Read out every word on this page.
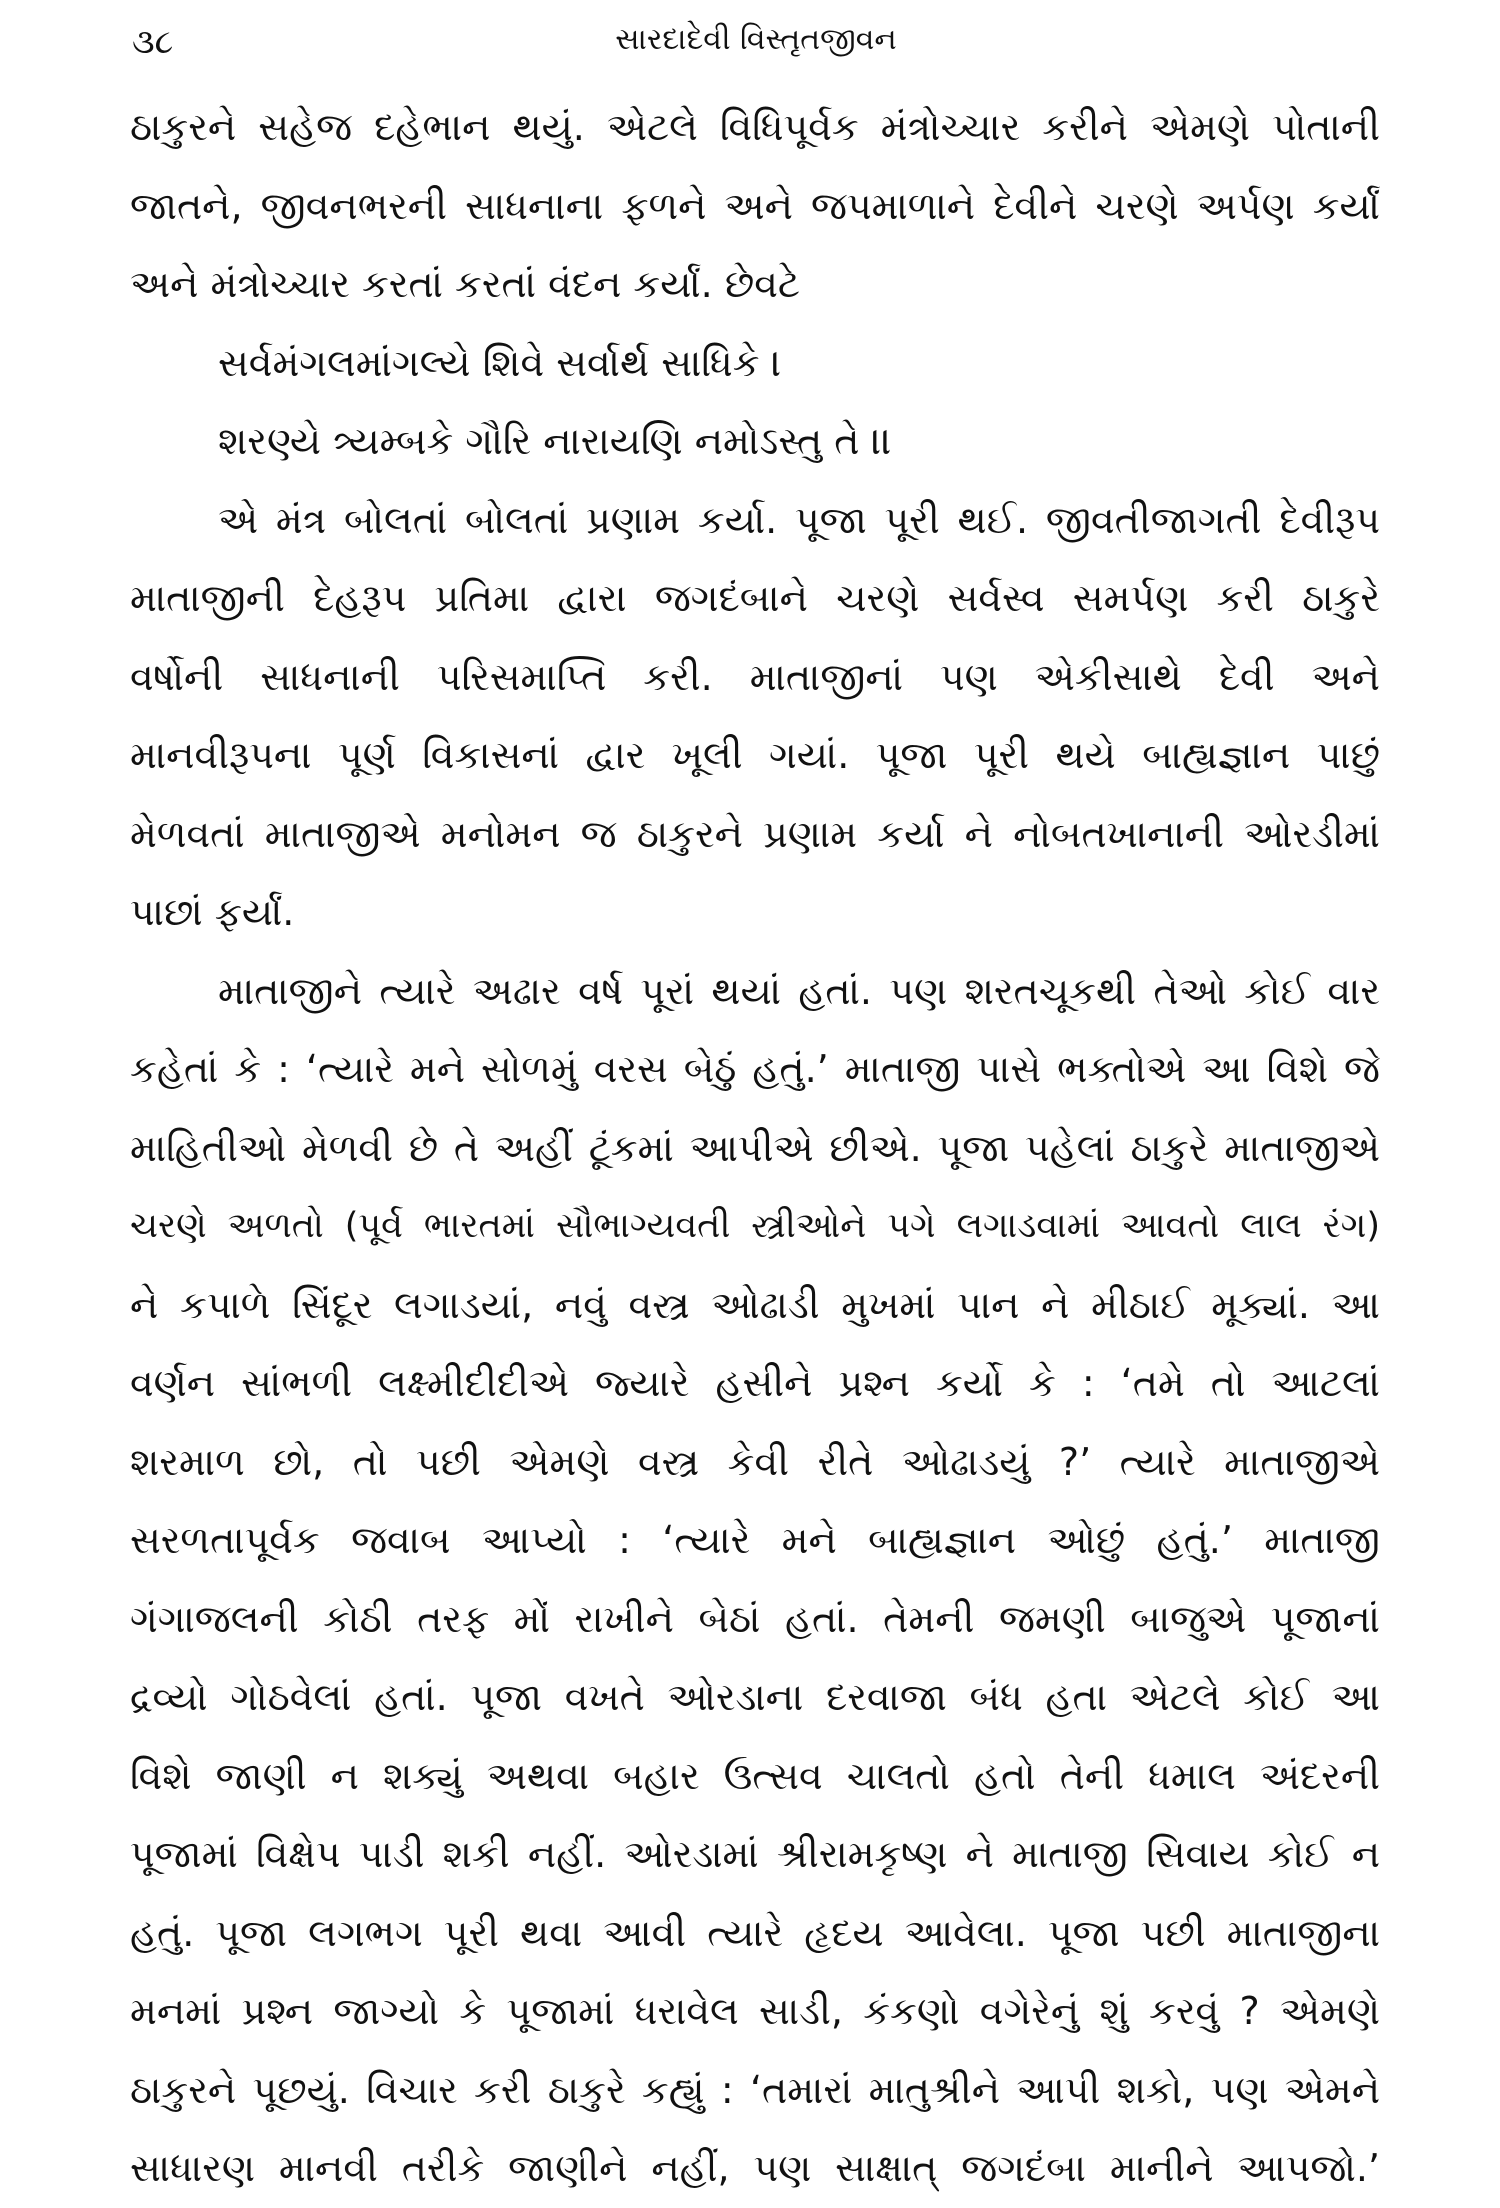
૩૮	સારદાદેવી વિસ્તૃતજીવન
ઠાકુરને સહેજ દહેભાન થયું. એટલે વિધિપૂર્વક મંત્રોચ્ચાર કરીને એમણે પોતાની
જાતને, જીવનભરની સાધનાના ફળને અને જપમાળાને દેવીને ચરણે અર્પણ કર્યાં
અને મંત્રોચ્ચાર કરતાં કરતાં વંદન કર્યાં. છેવટે
સર્વમંગલમાંગલ્યે શિવે સર્વાર્થ સાધિકે ।
શરણ્યે ત્ર્યમ્બકે ગૌરિ નારાયણિ નમોઽસ્તુ તે ।।
એ મંત્ર બોલતાં બોલતાં પ્રણામ કર્યા. પૂજા પૂરી થઈ. જીવતીજાગતી દેવીરૂપ
માતાજીની દેહરૂપ પ્રતિમા દ્વારા જગદંબાને ચરણે સર્વસ્વ સમર્પણ કરી ઠાકુરે
વર્ષોની સાધનાની પરિસમાપ્તિ કરી. માતાજીનાં પણ એકીસાથે દેવી અને
માનવીરૂપના પૂર્ણ વિકાસનાં દ્વાર ખૂલી ગયાં. પૂજા પૂરી થયે બાહ્યજ્ઞાન પાછું
મેળવતાં માતાજીએ મનોમન જ ઠાકુરને પ્રણામ કર્યા ને નોબતખાનાની ઓરડીમાં
પાછાં ફર્યાં.
માતાજીને ત્યારે અઢાર વર્ષ પૂરાં થયાં હતાં. પણ શરતચૂકથી તેઓ કોઈ વાર
કહેતાં કે : ‘ત્યારે મને સોળમું વરસ બેઠું હતું.’ માતાજી પાસે ભક્તોએ આ વિશે જે
માહિતીઓ મેળવી છે તે અહીં ટૂંકમાં આપીએ છીએ. પૂજા પહેલાં ઠાકુરે માતાજીએ
ચરણે અળતો (પૂર્વ ભારતમાં સૌભાગ્યવતી સ્ત્રીઓને પગે લગાડવામાં આવતો લાલ રંગ)
ને કપાળે સિંદૂર લગાડયાં, નવું વસ્ત્ર ઓઢાડી મુખમાં પાન ને મીઠાઈ મૂક્યાં. આ
વર્ણન સાંભળી લક્ષ્મીદીદીએ જ્યારે હસીને પ્રશ્ન કર્યો કે : ‘તમે તો આટલાં
શરમાળ છો, તો પછી એમણે વસ્ત્ર કેવી રીતે ઓઢાડયું ?’ ત્યારે માતાજીએ
સરળતાપૂર્વક જવાબ આપ્યો : ‘ત્યારે મને બાહ્યજ્ઞાન ઓછું હતું.’ માતાજી
ગંગાજલની કોઠી તરફ મોં રાખીને બેઠાં હતાં. તેમની જમણી બાજુએ પૂજાનાં
દ્રવ્યો ગોઠવેલાં હતાં. પૂજા વખતે ઓરડાના દરવાજા બંધ હતા એટલે કોઈ આ
વિશે જાણી ન શક્યું અથવા બહાર ઉત્સવ ચાલતો હતો તેની ધમાલ અંદરની
પૂજામાં વિક્ષેપ પાડી શકી નહીં. ઓરડામાં શ્રીરામકૃષ્ણ ને માતાજી સિવાય કોઈ ન
હતું. પૂજા લગભગ પૂરી થવા આવી ત્યારે હૃદય આવેલા. પૂજા પછી માતાજીના
મનમાં પ્રશ્ન જાગ્યો કે પૂજામાં ધરાવેલ સાડી, કંકણો વગેરેનું શું કરવું ? એમણે
ઠાકુરને પૂછયું. વિચાર કરી ઠાકુરે કહ્યું : ‘તમારાં માતુશ્રીને આપી શકો, પણ એમને
સાધારણ માનવી તરીકે જાણીને નહીં, પણ સાક્ષાત્ જગદંબા માનીને આપજો.’
